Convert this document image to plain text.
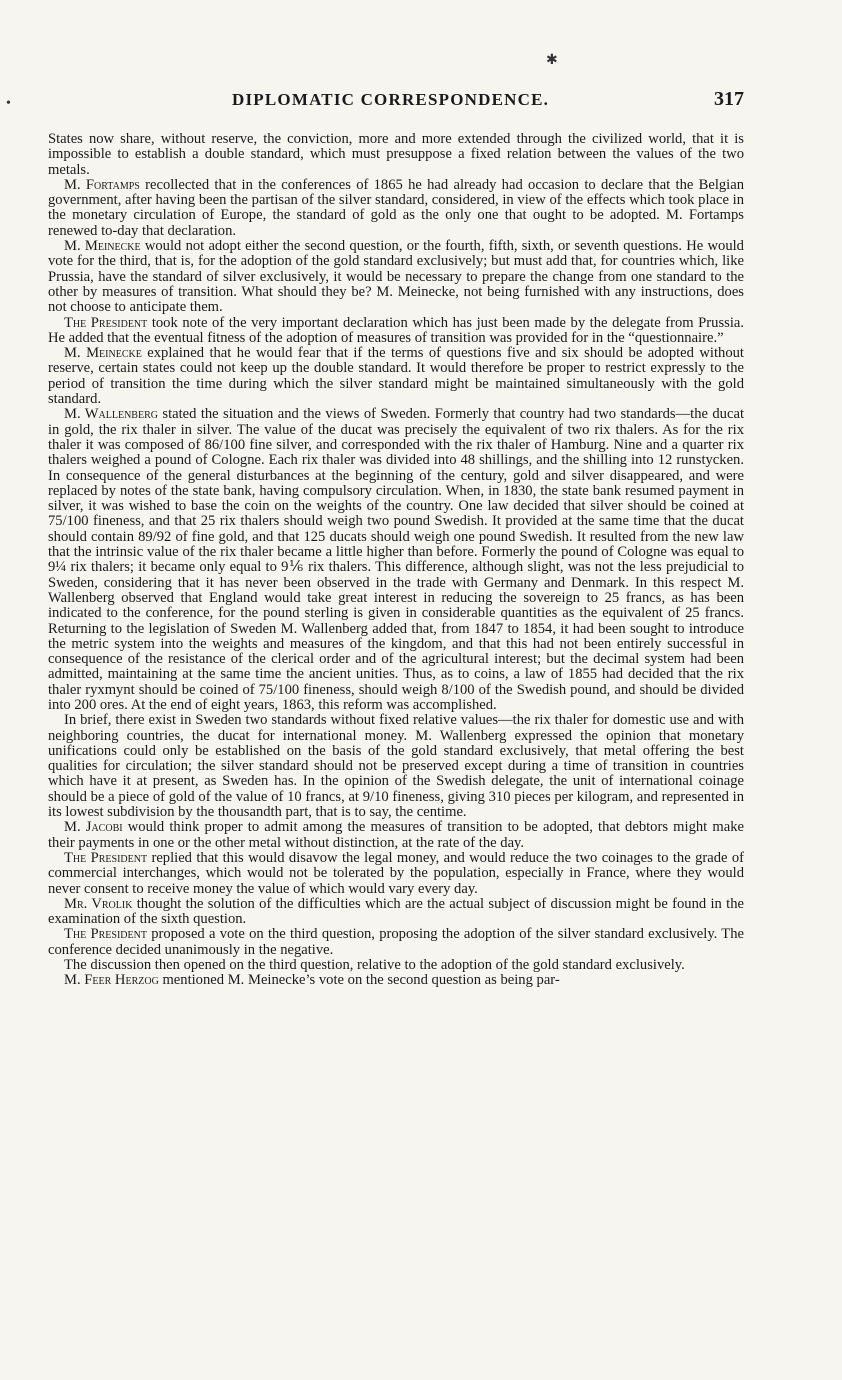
•
✱
DIPLOMATIC CORRESPONDENCE.	317

States now share, without reserve, the conviction, more and more extended through the civilized world, that it is impossible to establish a double standard, which must presuppose a fixed relation between the values of the two metals.

M. Fortamps recollected that in the conferences of 1865 he had already had occasion to declare that the Belgian government, after having been the partisan of the silver standard, considered, in view of the effects which took place in the monetary circulation of Europe, the standard of gold as the only one that ought to be adopted. M. Fortamps renewed to-day that declaration.

M. Meinecke would not adopt either the second question, or the fourth, fifth, sixth, or seventh questions. He would vote for the third, that is, for the adoption of the gold standard exclusively; but must add that, for countries which, like Prussia, have the standard of silver exclusively, it would be necessary to prepare the change from one standard to the other by measures of transition. What should they be? M. Meinecke, not being furnished with any instructions, does not choose to anticipate them.

The President took note of the very important declaration which has just been made by the delegate from Prussia. He added that the eventual fitness of the adoption of measures of transition was provided for in the “questionnaire.”

M. Meinecke explained that he would fear that if the terms of questions five and six should be adopted without reserve, certain states could not keep up the double standard. It would therefore be proper to restrict expressly to the period of transition the time during which the silver standard might be maintained simultaneously with the gold standard.

M. Wallenberg stated the situation and the views of Sweden. Formerly that country had two standards—the ducat in gold, the rix thaler in silver. The value of the ducat was precisely the equivalent of two rix thalers. As for the rix thaler it was composed of 86/100 fine silver, and corresponded with the rix thaler of Hamburg. Nine and a quarter rix thalers weighed a pound of Cologne. Each rix thaler was divided into 48 shillings, and the shilling into 12 runstycken. In consequence of the general disturbances at the beginning of the century, gold and silver disappeared, and were replaced by notes of the state bank, having compulsory circulation. When, in 1830, the state bank resumed payment in silver, it was wished to base the coin on the weights of the country. One law decided that silver should be coined at 75/100 fineness, and that 25 rix thalers should weigh two pound Swedish. It provided at the same time that the ducat should contain 89/92 of fine gold, and that 125 ducats should weigh one pound Swedish. It resulted from the new law that the intrinsic value of the rix thaler became a little higher than before. Formerly the pound of Cologne was equal to 9¼ rix thalers; it became only equal to 9⅙ rix thalers. This difference, although slight, was not the less prejudicial to Sweden, considering that it has never been observed in the trade with Germany and Denmark. In this respect M. Wallenberg observed that England would take great interest in reducing the sovereign to 25 francs, as has been indicated to the conference, for the pound sterling is given in considerable quantities as the equivalent of 25 francs. Returning to the legislation of Sweden M. Wallenberg added that, from 1847 to 1854, it had been sought to introduce the metric system into the weights and measures of the kingdom, and that this had not been entirely successful in consequence of the resistance of the clerical order and of the agricultural interest; but the decimal system had been admitted, maintaining at the same time the ancient unities. Thus, as to coins, a law of 1855 had decided that the rix thaler ryxmynt should be coined of 75/100 fineness, should weigh 8/100 of the Swedish pound, and should be divided into 200 ores. At the end of eight years, 1863, this reform was accomplished.

In brief, there exist in Sweden two standards without fixed relative values—the rix thaler for domestic use and with neighboring countries, the ducat for international money. M. Wallenberg expressed the opinion that monetary unifications could only be established on the basis of the gold standard exclusively, that metal offering the best qualities for circulation; the silver standard should not be preserved except during a time of transition in countries which have it at present, as Sweden has. In the opinion of the Swedish delegate, the unit of international coinage should be a piece of gold of the value of 10 francs, at 9/10 fineness, giving 310 pieces per kilogram, and represented in its lowest subdivision by the thousandth part, that is to say, the centime.

M. Jacobi would think proper to admit among the measures of transition to be adopted, that debtors might make their payments in one or the other metal without distinction, at the rate of the day.

The President replied that this would disavow the legal money, and would reduce the two coinages to the grade of commercial interchanges, which would not be tolerated by the population, especially in France, where they would never consent to receive money the value of which would vary every day.

Mr. Vrolik thought the solution of the difficulties which are the actual subject of discussion might be found in the examination of the sixth question.

The President proposed a vote on the third question, proposing the adoption of the silver standard exclusively. The conference decided unanimously in the negative.

The discussion then opened on the third question, relative to the adoption of the gold standard exclusively.

M. Feer Herzog mentioned M. Meinecke’s vote on the second question as being par-
